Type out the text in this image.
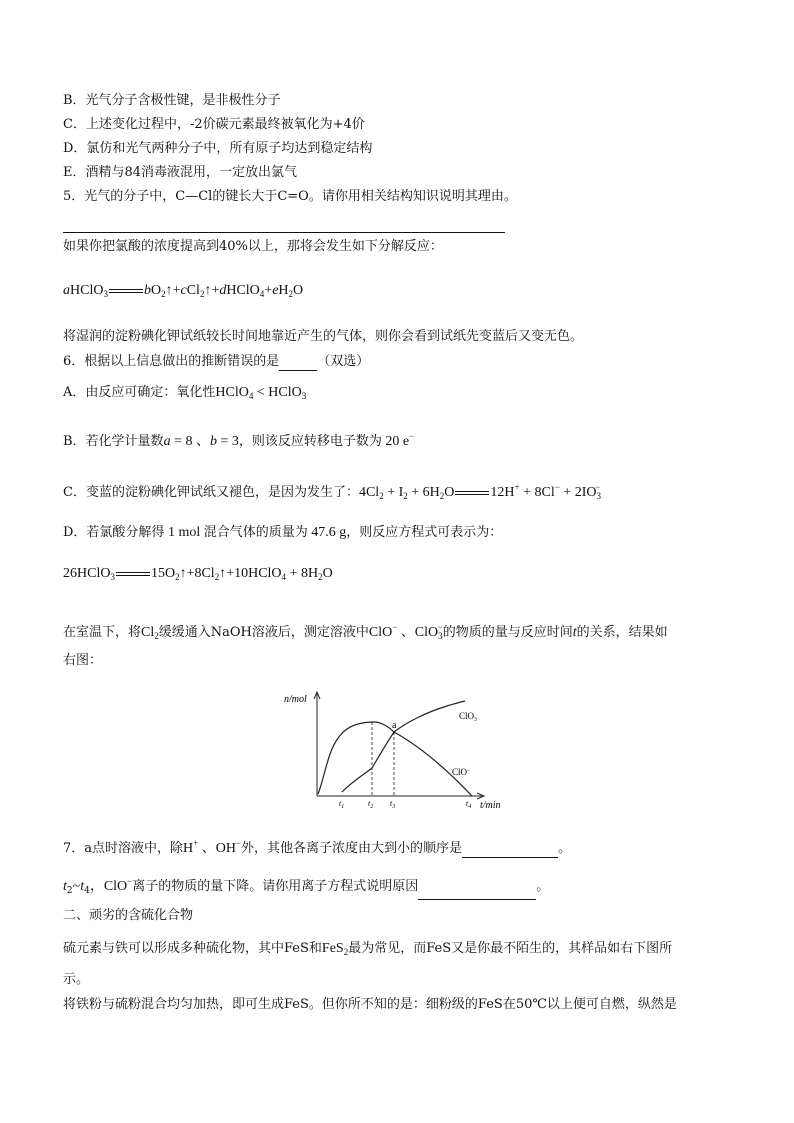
B．光气分子含极性键，是非极性分子
C．上述变化过程中，-2价碳元素最终被氧化为+4价
D．氯仿和光气两种分子中，所有原子均达到稳定结构
E．酒精与84消毒液混用，一定放出氯气
5．光气的分子中，C—Cl的键长大于C=O。请你用相关结构知识说明其理由。
如果你把氯酸的浓度提高到40%以上，那将会发生如下分解反应：
aHClO$_3$	$bO_2↑+cCl_2↑+dHClO_4+eH_2O$
将湿润的淀粉碘化钾试纸较长时间地靠近产生的气体，则你会看到试纸先变蓝后又变无色。
6．根据以上信息做出的推断错误的是	（双选）
A．由反应可确定：氧化性HClO$_4$ < HClO$_3$
B．若化学计量数a = 8 、b = 3，则该反应转移电子数为 20 e−
C．变蓝的淀粉碘化钾试纸又褪色，是因为发生了：$4Cl_2 + I_2 + 6H_2O$	$12H^+ + 8Cl^- + 2IO_3^-$
D．若氯酸分解得 1 mol 混合气体的质量为 47.6 g，则反应方程式可表示为：
26HClO$_3$	$15O_2↑+8Cl_2↑+10HClO_4 + 8H_2O$
在室温下，将$Cl_2$缓缓通入NaOH溶液后，测定溶液中ClO− 、ClO$_3$−的物质的量与反应时间t的关系，结果如
右图：
n/mol
t/min
a
ClO$_3$
ClO−
$t_1$	$t_2$ $t_3$	$t_4$
7．a点时溶液中，除H+ 、OH−外，其他各离子浓度由大到小的顺序是	。
$t_2\sim t_4$，ClO−离子的物质的量下降。请你用离子方程式说明原因	。
二、顽劣的含硫化合物
硫元素与铁可以形成多种硫化物，其中FeS和FeS$_2$最为常见，而FeS又是你最不陌生的，其样品如右下图所
示。
将铁粉与硫粉混合均匀加热，即可生成FeS。但你所不知的是：细粉级的FeS在50℃以上便可自燃，纵然是
